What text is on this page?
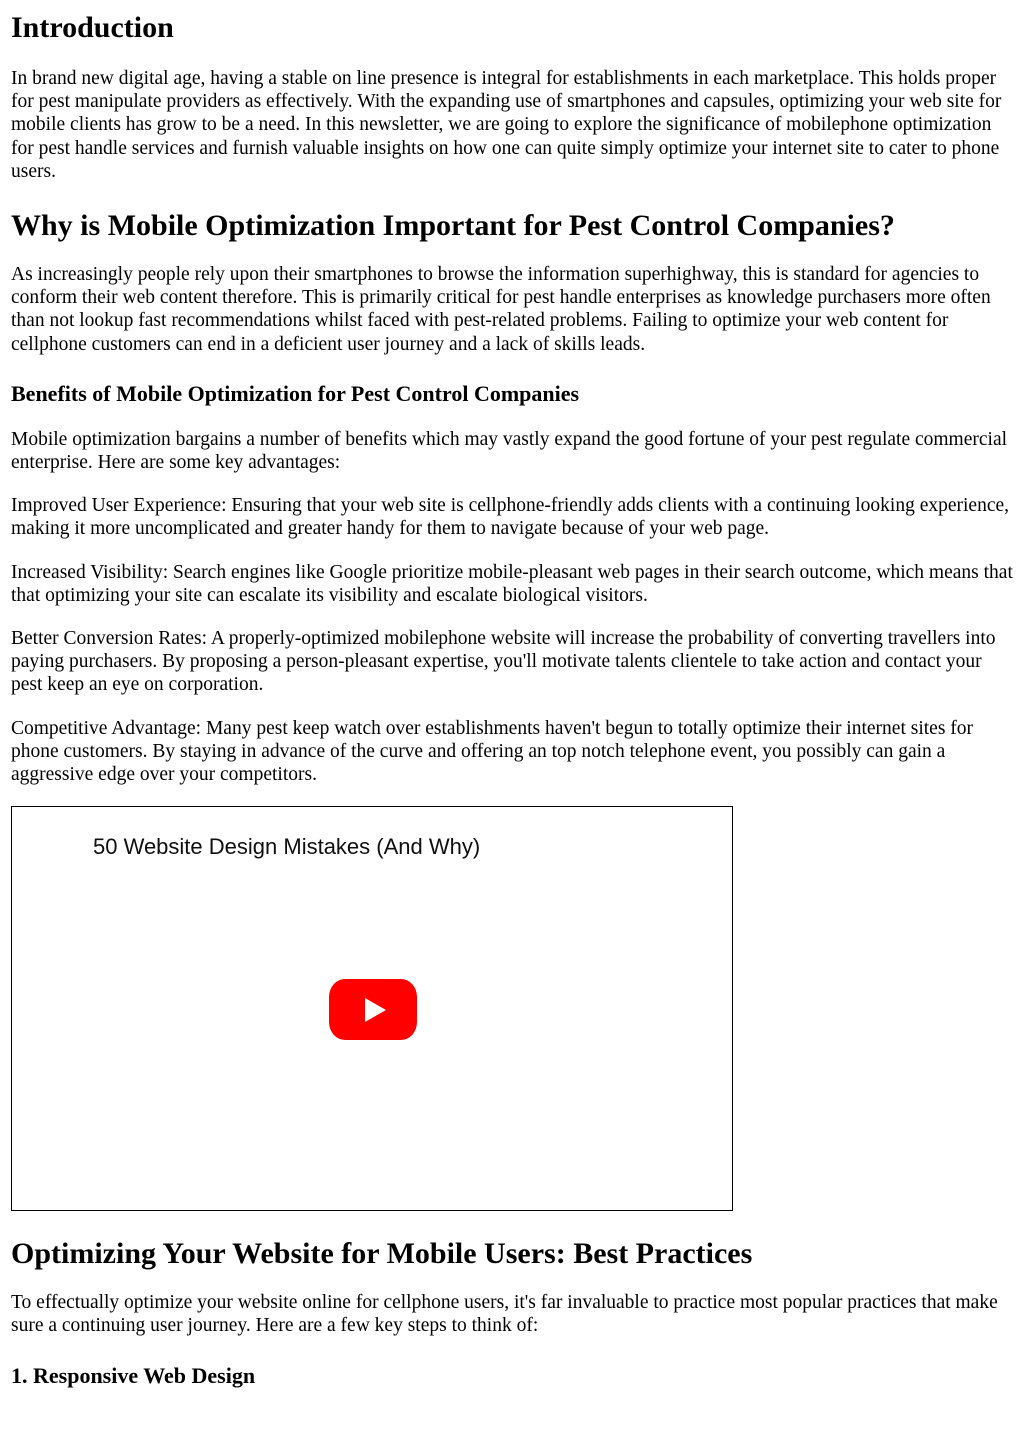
Introduction

In brand new digital age, having a stable on line presence is integral for establishments in each marketplace. This holds proper for pest manipulate providers as effectively. With the expanding use of smartphones and capsules, optimizing your web site for mobile clients has grow to be a need. In this newsletter, we are going to explore the significance of mobilephone optimization for pest handle services and furnish valuable insights on how one can quite simply optimize your internet site to cater to phone users.

Why is Mobile Optimization Important for Pest Control Companies?

As increasingly people rely upon their smartphones to browse the information superhighway, this is standard for agencies to conform their web content therefore. This is primarily critical for pest handle enterprises as knowledge purchasers more often than not lookup fast recommendations whilst faced with pest-related problems. Failing to optimize your web content for cellphone customers can end in a deficient user journey and a lack of skills leads.

Benefits of Mobile Optimization for Pest Control Companies

Mobile optimization bargains a number of benefits which may vastly expand the good fortune of your pest regulate commercial enterprise. Here are some key advantages:

Improved User Experience: Ensuring that your web site is cellphone-friendly adds clients with a continuing looking experience, making it more uncomplicated and greater handy for them to navigate because of your web page.

Increased Visibility: Search engines like Google prioritize mobile-pleasant web pages in their search outcome, which means that that optimizing your site can escalate its visibility and escalate biological visitors.

Better Conversion Rates: A properly-optimized mobilephone website will increase the probability of converting travellers into paying purchasers. By proposing a person-pleasant expertise, you'll motivate talents clientele to take action and contact your pest keep an eye on corporation.

Competitive Advantage: Many pest keep watch over establishments haven't begun to totally optimize their internet sites for phone customers. By staying in advance of the curve and offering an top notch telephone event, you possibly can gain a aggressive edge over your competitors.

50 Website Design Mistakes (And Why)

Optimizing Your Website for Mobile Users: Best Practices

To effectually optimize your website online for cellphone users, it's far invaluable to practice most popular practices that make sure a continuing user journey. Here are a few key steps to think of:

1. Responsive Web Design
